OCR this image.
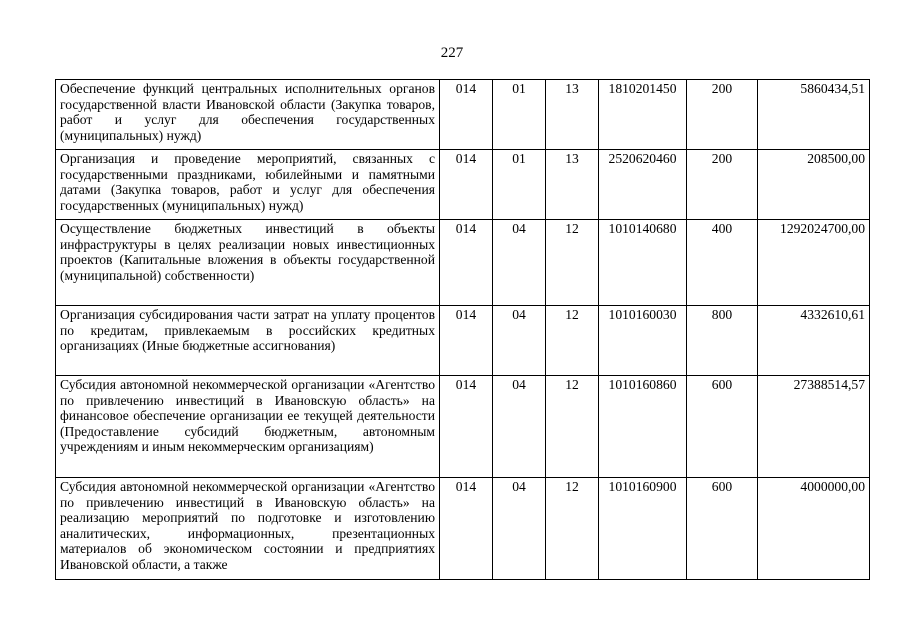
227
Обеспечение функций центральных исполнительных органов государственной власти Ивановской области (Закупка товаров, работ и услуг для обеспечения государственных (муниципальных) нужд)	014	01	13	1810201450	200	5860434,51
Организация и проведение мероприятий, связанных с государственными праздниками, юбилейными и памятными датами (Закупка товаров, работ и услуг для обеспечения государственных (муниципальных) нужд)	014	01	13	2520620460	200	208500,00
Осуществление бюджетных инвестиций в объекты инфраструктуры в целях реализации новых инвестиционных проектов (Капитальные вложения в объекты государственной (муниципальной) собственности)	014	04	12	1010140680	400	1292024700,00
Организация субсидирования части затрат на уплату процентов по кредитам, привлекаемым в российских кредитных организациях (Иные бюджетные ассигнования)	014	04	12	1010160030	800	4332610,61
Субсидия автономной некоммерческой организации «Агентство по привлечению инвестиций в Ивановскую область» на финансовое обеспечение организации ее текущей деятельности (Предоставление субсидий бюджетным, автономным учреждениям и иным некоммерческим организациям)	014	04	12	1010160860	600	27388514,57
Субсидия автономной некоммерческой организации «Агентство по привлечению инвестиций в Ивановскую область» на реализацию мероприятий по подготовке и изготовлению аналитических, информационных, презентационных материалов об экономическом состоянии и предприятиях Ивановской области, а также	014	04	12	1010160900	600	4000000,00
